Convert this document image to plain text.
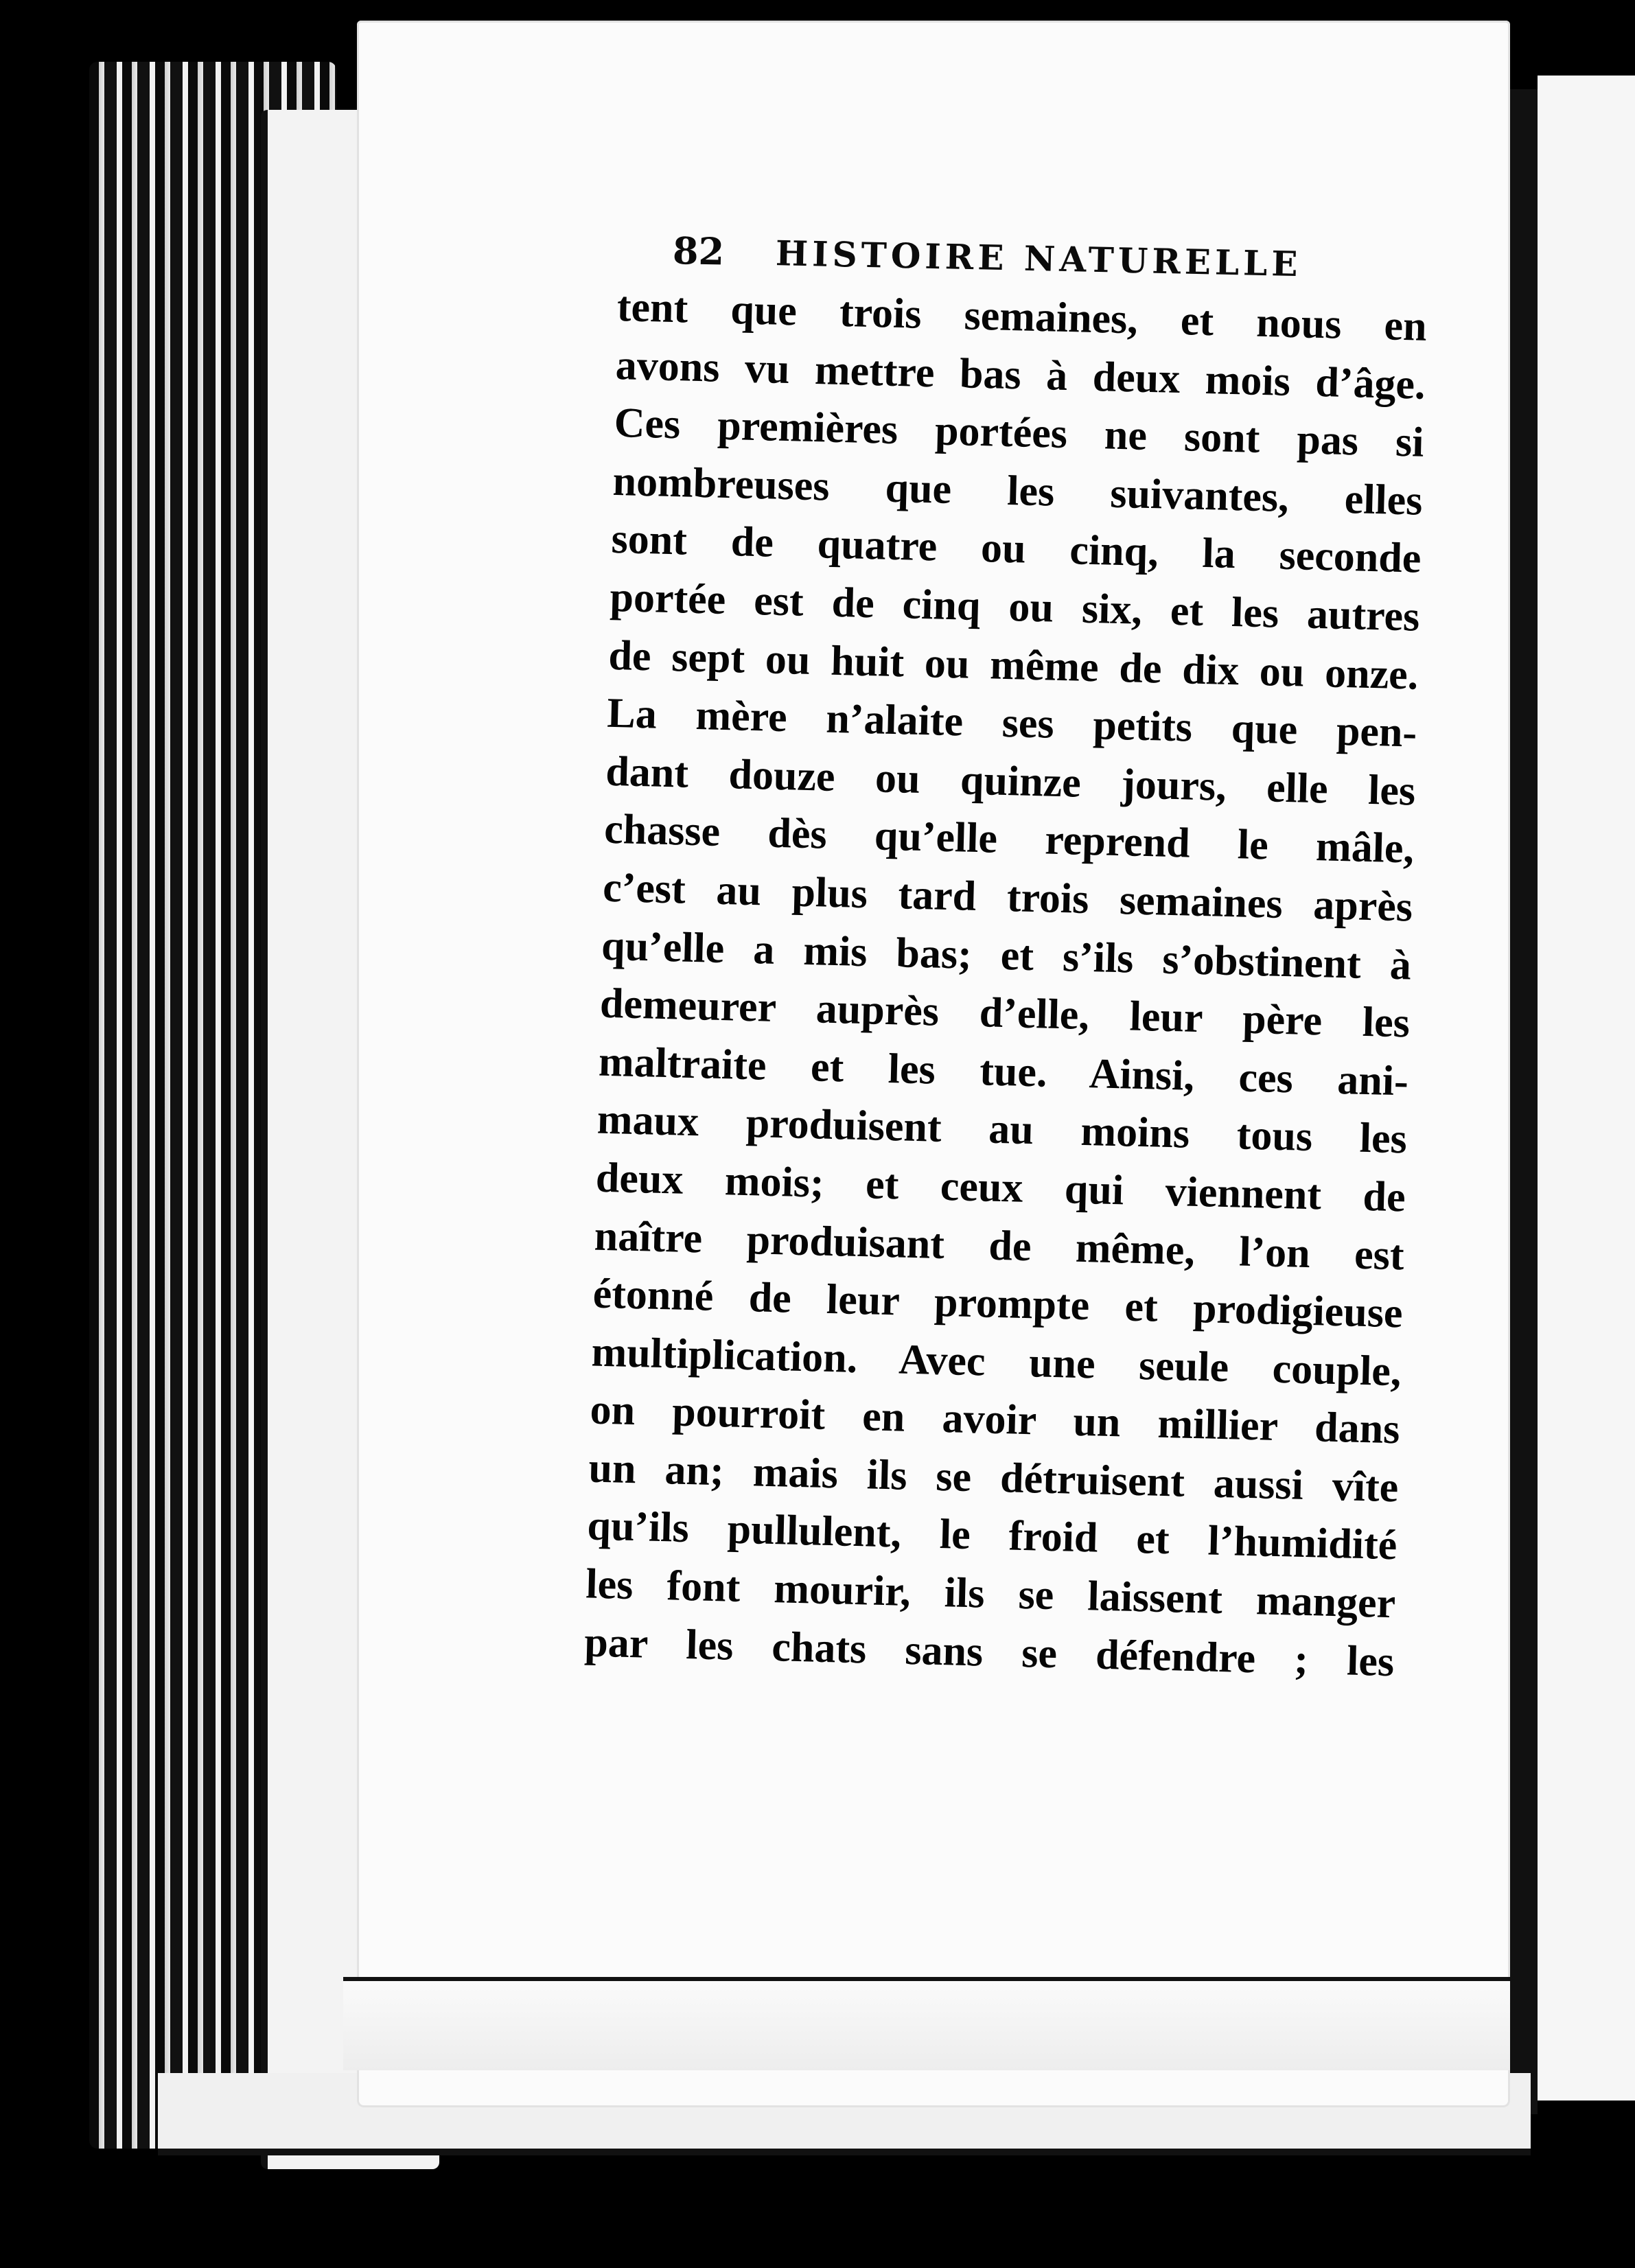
82	HISTOIRE NATURELLE
tent que trois semaines, et nous en
avons vu mettre bas à deux mois d’âge.
Ces premières portées ne sont pas si
nombreuses que les suivantes, elles
sont de quatre ou cinq, la seconde
portée est de cinq ou six, et les autres
de sept ou huit ou même de dix ou onze.
La mère n’alaite ses petits que pen-
dant douze ou quinze jours, elle les
chasse dès qu’elle reprend le mâle,
c’est au plus tard trois semaines après
qu’elle a mis bas; et s’ils s’obstinent à
demeurer auprès d’elle, leur père les
maltraite et les tue. Ainsi, ces ani-
maux produisent au moins tous les
deux mois; et ceux qui viennent de
naître produisant de même, l’on est
étonné de leur prompte et prodigieuse
multiplication. Avec une seule couple,
on pourroit en avoir un millier dans
un an; mais ils se détruisent aussi vîte
qu’ils pullulent, le froid et l’humidité
les font mourir, ils se laissent manger
par les chats sans se défendre ; les
